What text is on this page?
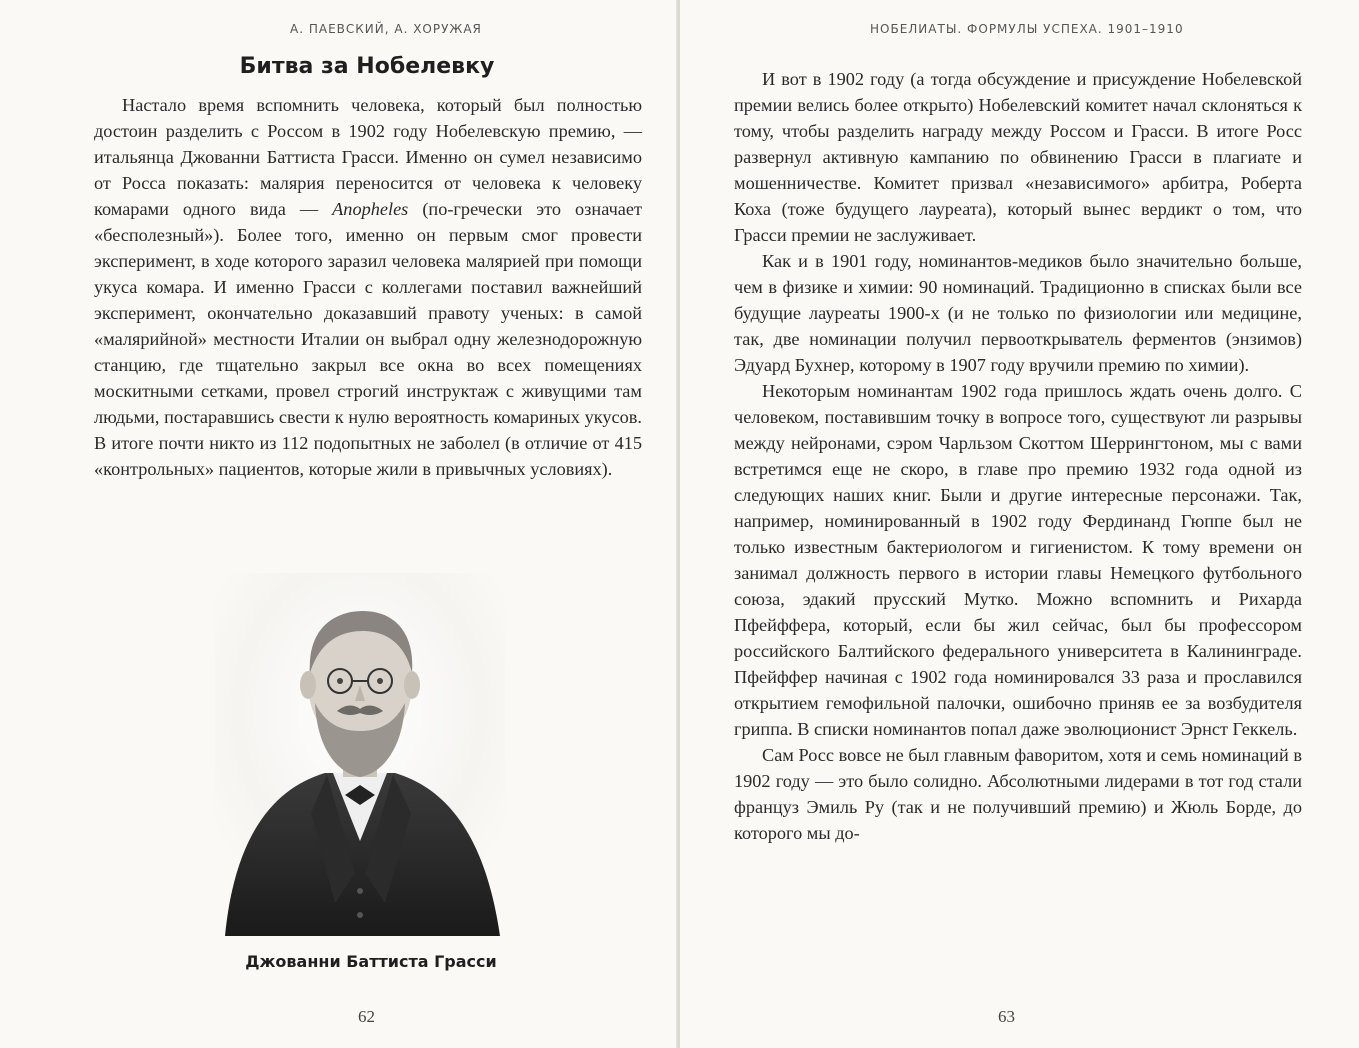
А. ПАЕВСКИЙ, А. ХОРУЖАЯ
Битва за Нобелевку

Настало время вспомнить человека, который был полностью достоин разделить с Россом в 1902 году Нобелевскую премию, — итальянца Джованни Баттиста Грасси. Именно он сумел независимо от Росса показать: малярия переносится от человека к человеку комарами одного вида — Anopheles (по-гречески это означает «бесполезный»). Более того, именно он первым смог провести эксперимент, в ходе которого заразил человека малярией при помощи укуса комара. И именно Грасси с коллегами поставил важнейший эксперимент, окончательно доказавший правоту ученых: в самой «малярийной» местности Италии он выбрал одну железнодорожную станцию, где тщательно закрыл все окна во всех помещениях москитными сетками, провел строгий инструктаж с живущими там людьми, постаравшись свести к нулю вероятность комариных укусов. В итоге почти никто из 112 подопытных не заболел (в отличие от 415 «контрольных» пациентов, которые жили в привычных условиях).

Джованни Баттиста Грасси
62
НОБЕЛИАТЫ. ФОРМУЛЫ УСПЕХА. 1901–1910

И вот в 1902 году (а тогда обсуждение и присуждение Нобелевской премии велись более открыто) Нобелевский комитет начал склоняться к тому, чтобы разделить награду между Россом и Грасси. В итоге Росс развернул активную кампанию по обвинению Грасси в плагиате и мошенничестве. Комитет призвал «независимого» арбитра, Роберта Коха (тоже будущего лауреата), который вынес вердикт о том, что Грасси премии не заслуживает.

Как и в 1901 году, номинантов-медиков было значительно больше, чем в физике и химии: 90 номинаций. Традиционно в списках были все будущие лауреаты 1900-х (и не только по физиологии или медицине, так, две номинации получил первооткрыватель ферментов (энзимов) Эдуард Бухнер, которому в 1907 году вручили премию по химии).

Некоторым номинантам 1902 года пришлось ждать очень долго. С человеком, поставившим точку в вопросе того, существуют ли разрывы между нейронами, сэром Чарльзом Скоттом Шеррингтоном, мы с вами встретимся еще не скоро, в главе про премию 1932 года одной из следующих наших книг. Были и другие интересные персонажи. Так, например, номинированный в 1902 году Фердинанд Гюппе был не только известным бактериологом и гигиенистом. К тому времени он занимал должность первого в истории главы Немецкого футбольного союза, эдакий прусский Мутко. Можно вспомнить и Рихарда Пфейффера, который, если бы жил сейчас, был бы профессором российского Балтийского федерального университета в Калининграде. Пфейффер начиная с 1902 года номинировался 33 раза и прославился открытием гемофильной палочки, ошибочно приняв ее за возбудителя гриппа. В списки номинантов попал даже эволюционист Эрнст Геккель.

Сам Росс вовсе не был главным фаворитом, хотя и семь номинаций в 1902 году — это было солидно. Абсолютными лидерами в тот год стали француз Эмиль Ру (так и не получивший премию) и Жюль Борде, до которого мы до-

63
